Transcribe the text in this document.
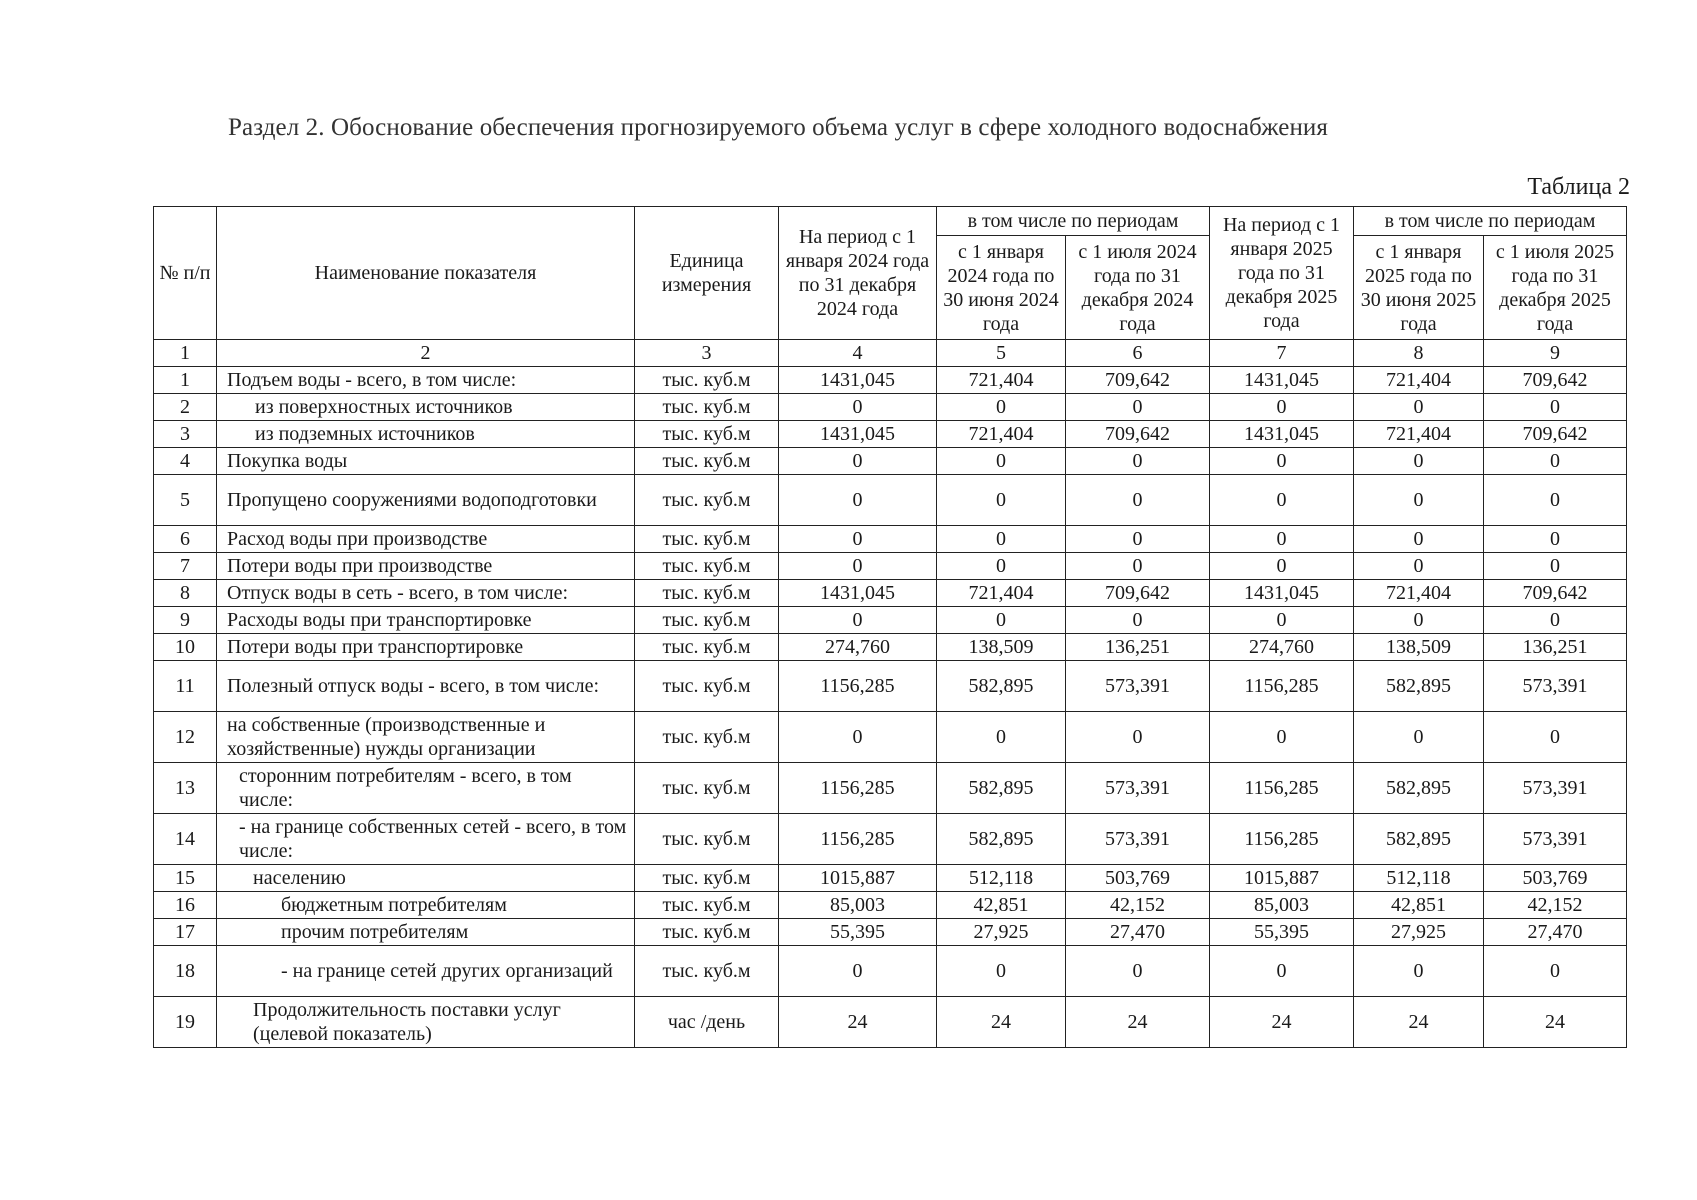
Раздел 2. Обоснование обеспечения прогнозируемого объема услуг в сфере холодного водоснабжения
Таблица 2
№ п/п	Наименование показателя	Единица измерения	На период с 1 января 2024 года по 31 декабря 2024 года	в том числе по периодам		На период с 1 января 2025 года по 31 декабря 2025 года	в том числе по периодам	
				с 1 января 2024 года по 30 июня 2024 года	с 1 июля 2024 года по 31 декабря 2024 года		с 1 января 2025 года по 30 июня 2025 года	с 1 июля 2025 года по 31 декабря 2025 года
1	2	3	4	5	6	7	8	9
1	Подъем воды - всего, в том числе:	тыс. куб.м	1431,045	721,404	709,642	1431,045	721,404	709,642
2	из поверхностных источников	тыс. куб.м	0	0	0	0	0	0
3	из подземных источников	тыс. куб.м	1431,045	721,404	709,642	1431,045	721,404	709,642
4	Покупка воды	тыс. куб.м	0	0	0	0	0	0
5	Пропущено сооружениями водоподготовки	тыс. куб.м	0	0	0	0	0	0
6	Расход воды при производстве	тыс. куб.м	0	0	0	0	0	0
7	Потери воды при производстве	тыс. куб.м	0	0	0	0	0	0
8	Отпуск воды в сеть - всего, в том числе:	тыс. куб.м	1431,045	721,404	709,642	1431,045	721,404	709,642
9	Расходы воды при транспортировке	тыс. куб.м	0	0	0	0	0	0
10	Потери воды при транспортировке	тыс. куб.м	274,760	138,509	136,251	274,760	138,509	136,251
11	Полезный отпуск воды - всего, в том числе:	тыс. куб.м	1156,285	582,895	573,391	1156,285	582,895	573,391
12	на собственные (производственные и хозяйственные) нужды организации	тыс. куб.м	0	0	0	0	0	0
13	сторонним потребителям - всего, в том числе:	тыс. куб.м	1156,285	582,895	573,391	1156,285	582,895	573,391
14	- на границе собственных сетей - всего, в том числе:	тыс. куб.м	1156,285	582,895	573,391	1156,285	582,895	573,391
15	населению	тыс. куб.м	1015,887	512,118	503,769	1015,887	512,118	503,769
16	бюджетным потребителям	тыс. куб.м	85,003	42,851	42,152	85,003	42,851	42,152
17	прочим потребителям	тыс. куб.м	55,395	27,925	27,470	55,395	27,925	27,470
18	- на границе сетей других организаций	тыс. куб.м	0	0	0	0	0	0
19	Продолжительность поставки услуг (целевой показатель)	час /день	24	24	24	24	24	24
